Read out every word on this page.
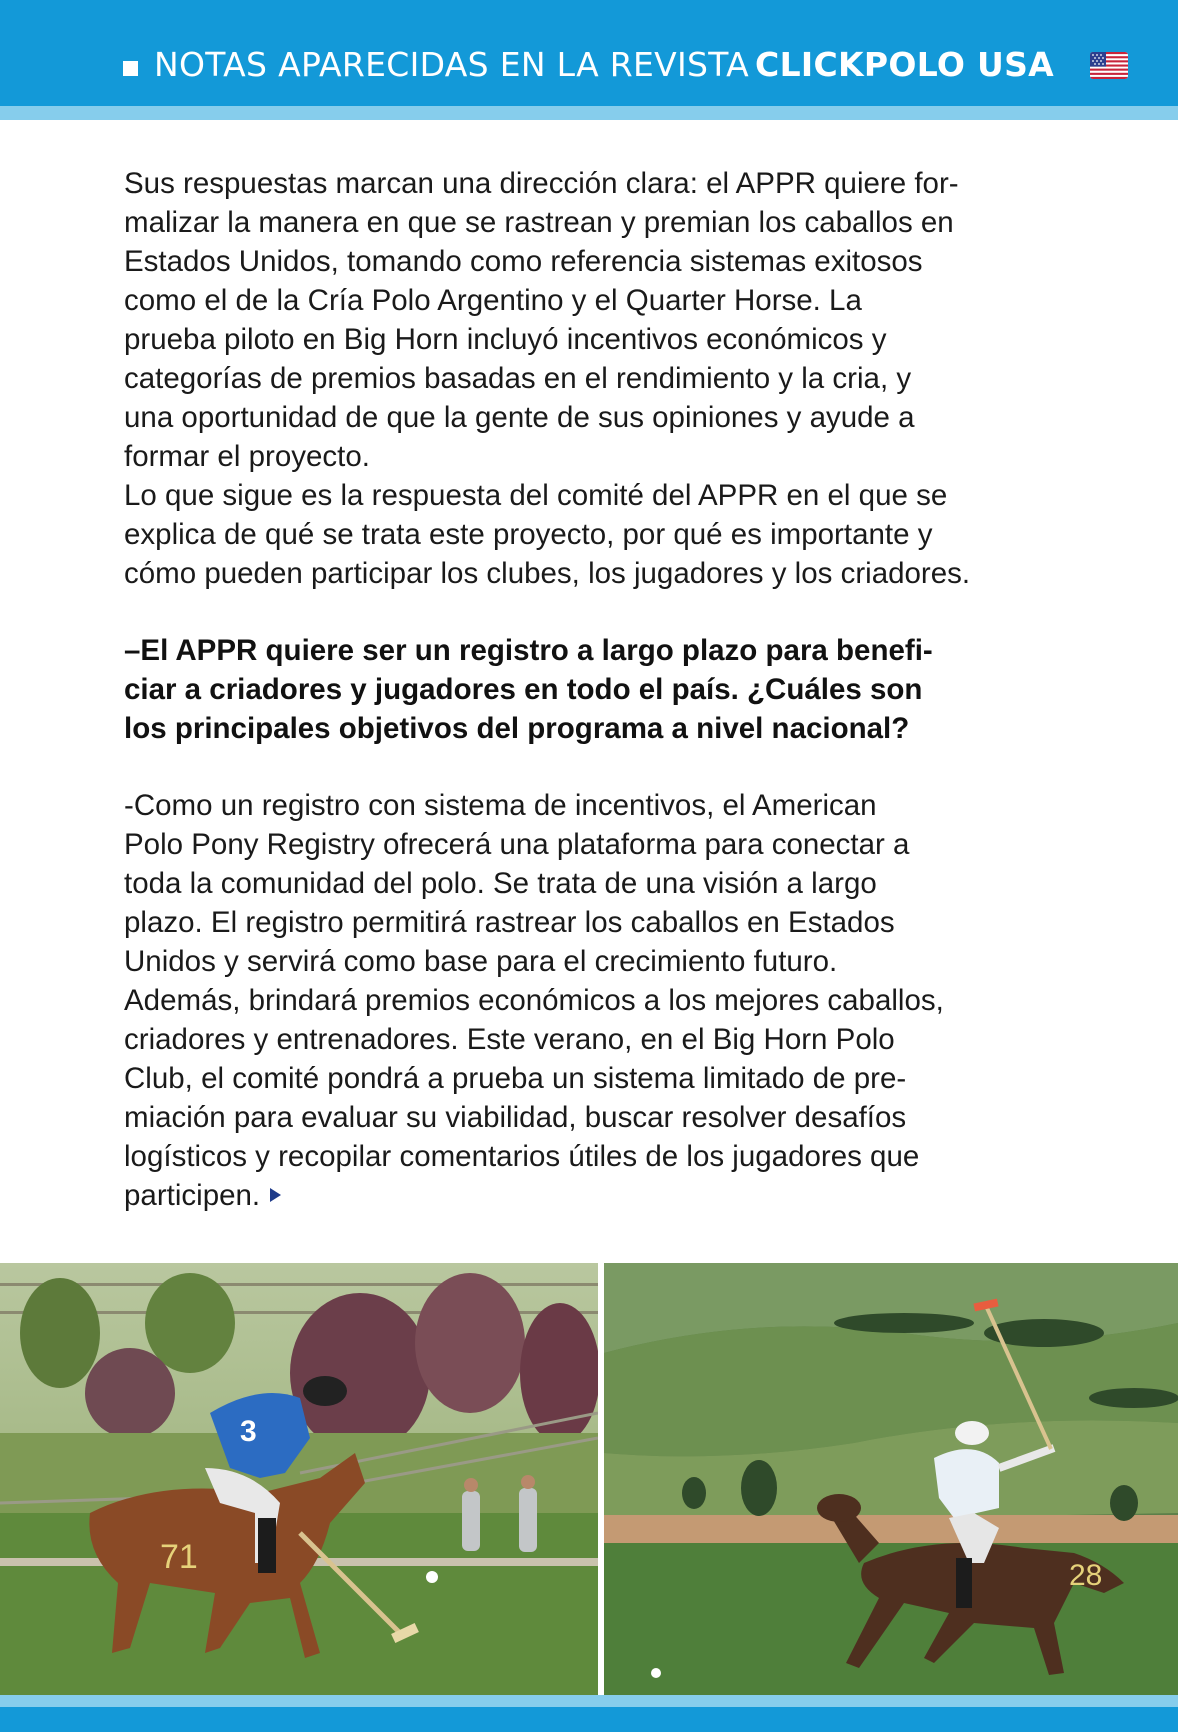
NOTAS APARECIDAS EN LA REVISTA CLICKPOLO USA

Sus respuestas marcan una dirección clara: el APPR quiere for-

malizar la manera en que se rastrean y premian los caballos en

Estados Unidos, tomando como referencia sistemas exitosos

como el de la Cría Polo Argentino y el Quarter Horse. La

prueba piloto en Big Horn incluyó incentivos económicos y

categorías de premios basadas en el rendimiento y la cria, y

una oportunidad de que la gente de sus opiniones y ayude a

formar el proyecto.

Lo que sigue es la respuesta del comité del APPR en el que se

explica de qué se trata este proyecto, por qué es importante y

cómo pueden participar los clubes, los jugadores y los criadores.

–El APPR quiere ser un registro a largo plazo para benefi-

ciar a criadores y jugadores en todo el país. ¿Cuáles son

los principales objetivos del programa a nivel nacional?

-Como un registro con sistema de incentivos, el American

Polo Pony Registry ofrecerá una plataforma para conectar a

toda la comunidad del polo. Se trata de una visión a largo

plazo. El registro permitirá rastrear los caballos en Estados

Unidos y servirá como base para el crecimiento futuro.

Además, brindará premios económicos a los mejores caballos,

criadores y entrenadores. Este verano, en el Big Horn Polo

Club, el comité pondrá a prueba un sistema limitado de pre-

miación para evaluar su viabilidad, buscar resolver desafíos

logísticos y recopilar comentarios útiles de los jugadores que

participen.

3
71	28
